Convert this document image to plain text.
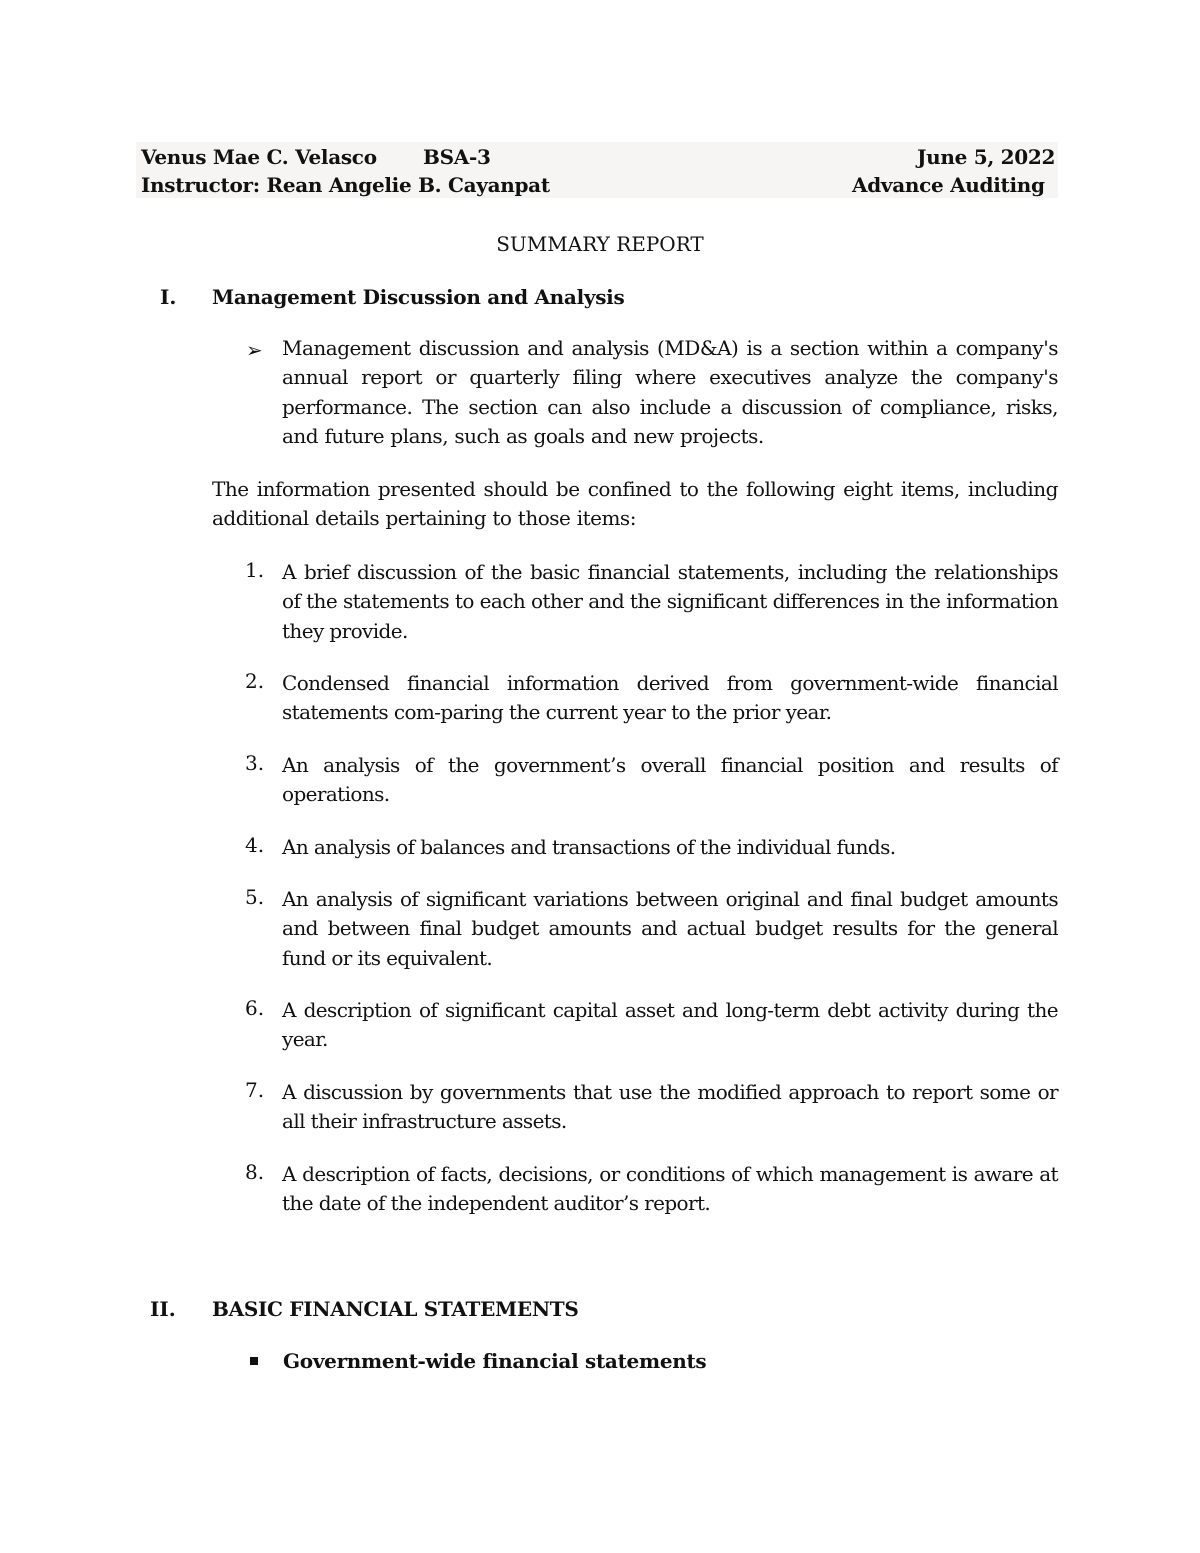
Venus Mae C. Velasco BSA-3	June 5, 2022
Instructor: Rean Angelie B. Cayanpat	Advance Auditing
SUMMARY REPORT
I. Management Discussion and Analysis
➢ Management discussion and analysis (MD&A) is a section within a company's annual report or quarterly filing where executives analyze the company's performance. The section can also include a discussion of compliance, risks, and future plans, such as goals and new projects.
The information presented should be confined to the following eight items, including additional details pertaining to those items:
1. A brief discussion of the basic financial statements, including the relationships of the statements to each other and the significant differences in the information they provide.
2. Condensed financial information derived from government-wide financial statements com-paring the current year to the prior year.
3. An analysis of the government’s overall financial position and results of operations.
4. An analysis of balances and transactions of the individual funds.
5. An analysis of significant variations between original and final budget amounts and between final budget amounts and actual budget results for the general fund or its equivalent.
6. A description of significant capital asset and long-term debt activity during the year.
7. A discussion by governments that use the modified approach to report some or all their infrastructure assets.
8. A description of facts, decisions, or conditions of which management is aware at the date of the independent auditor’s report.
II. BASIC FINANCIAL STATEMENTS
Government-wide financial statements
